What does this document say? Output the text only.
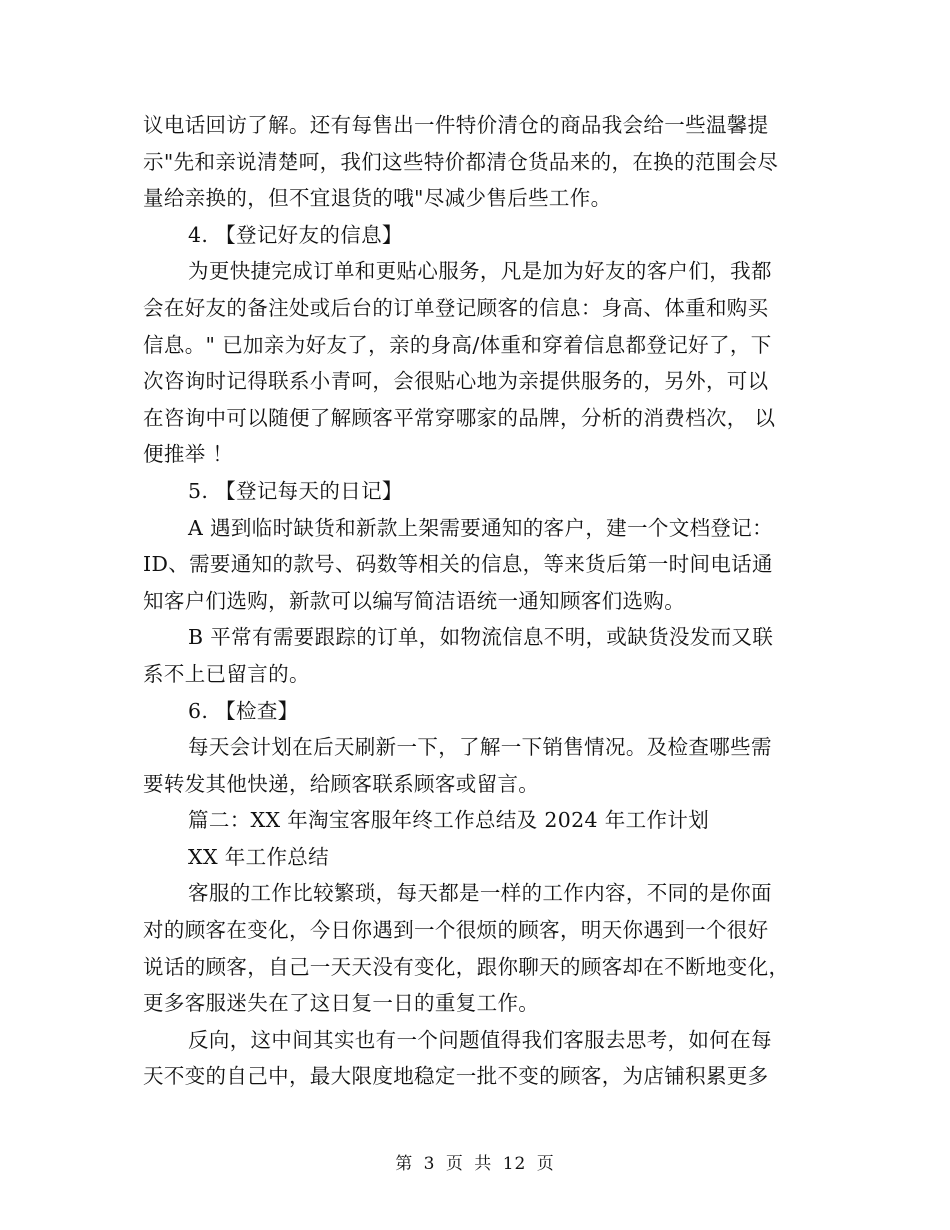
议电话回访了解。还有每售出一件特价清仓的商品我会给一些温馨提
示"先和亲说清楚呵，我们这些特价都清仓货品来的，在换的范围会尽
量给亲换的，但不宜退货的哦"尽减少售后些工作。
4. 【登记好友的信息】
为更快捷完成订单和更贴心服务，凡是加为好友的客户们，我都
会在好友的备注处或后台的订单登记顾客的信息：身高、体重和购买
信息。" 已加亲为好友了，亲的身高/体重和穿着信息都登记好了，下
次咨询时记得联系小青呵，会很贴心地为亲提供服务的，另外，可以
在咨询中可以随便了解顾客平常穿哪家的品牌，分析的消费档次， 以
便推举 ！
5. 【登记每天的日记】
A 遇到临时缺货和新款上架需要通知的客户，建一个文档登记：
ID、需要通知的款号、码数等相关的信息，等来货后第一时间电话通
知客户们选购，新款可以编写简洁语统一通知顾客们选购。
B 平常有需要跟踪的订单，如物流信息不明，或缺货没发而又联
系不上已留言的。
6. 【检查】
每天会计划在后天刷新一下，了解一下销售情况。及检查哪些需
要转发其他快递，给顾客联系顾客或留言。
篇二：XX 年淘宝客服年终工作总结及 2024 年工作计划
XX 年工作总结
客服的工作比较繁琐，每天都是一样的工作内容，不同的是你面
对的顾客在变化，今日你遇到一个很烦的顾客，明天你遇到一个很好
说话的顾客，自己一天天没有变化，跟你聊天的顾客却在不断地变化，
更多客服迷失在了这日复一日的重复工作。
反向，这中间其实也有一个问题值得我们客服去思考，如何在每
天不变的自己中，最大限度地稳定一批不变的顾客，为店铺积累更多
第 3 页 共 12 页
